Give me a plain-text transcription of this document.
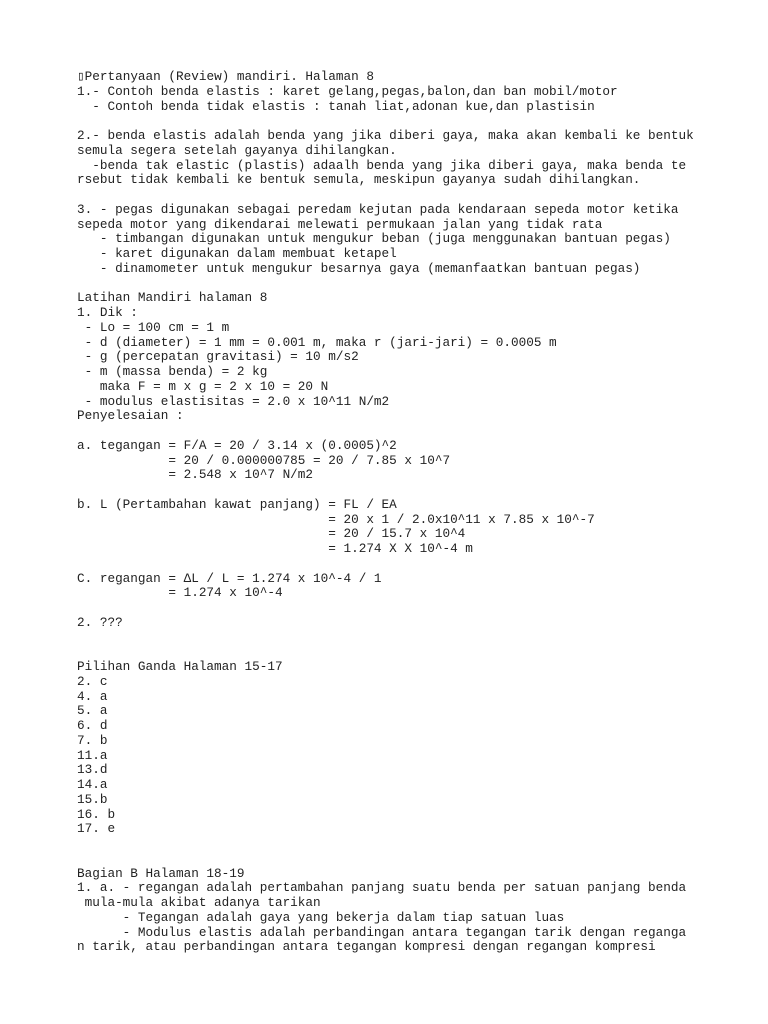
▯Pertanyaan (Review) mandiri. Halaman 8
1.- Contoh benda elastis : karet gelang,pegas,balon,dan ban mobil/motor
- Contoh benda tidak elastis : tanah liat,adonan kue,dan plastisin
2.- benda elastis adalah benda yang jika diberi gaya, maka akan kembali ke bentuk
semula segera setelah gayanya dihilangkan.
-benda tak elastic (plastis) adaalh benda yang jika diberi gaya, maka benda te
rsebut tidak kembali ke bentuk semula, meskipun gayanya sudah dihilangkan.
3. - pegas digunakan sebagai peredam kejutan pada kendaraan sepeda motor ketika
sepeda motor yang dikendarai melewati permukaan jalan yang tidak rata
- timbangan digunakan untuk mengukur beban (juga menggunakan bantuan pegas)
- karet digunakan dalam membuat ketapel
- dinamometer untuk mengukur besarnya gaya (memanfaatkan bantuan pegas)
Latihan Mandiri halaman 8
1. Dik :
- Lo = 100 cm = 1 m
- d (diameter) = 1 mm = 0.001 m, maka r (jari-jari) = 0.0005 m
- g (percepatan gravitasi) = 10 m/s2
- m (massa benda) = 2 kg
maka F = m x g = 2 x 10 = 20 N
- modulus elastisitas = 2.0 x 10^11 N/m2
Penyelesaian :
a. tegangan = F/A = 20 / 3.14 x (0.0005)^2
= 20 / 0.000000785 = 20 / 7.85 x 10^7
= 2.548 x 10^7 N/m2
b. L (Pertambahan kawat panjang) = FL / EA
= 20 x 1 / 2.0x10^11 x 7.85 x 10^-7
= 20 / 15.7 x 10^4
= 1.274 X X 10^-4 m
C. regangan = ΔL / L = 1.274 x 10^-4 / 1
= 1.274 x 10^-4
2. ???
Pilihan Ganda Halaman 15-17
2. c
4. a
5. a
6. d
7. b
11.a
13.d
14.a
15.b
16. b
17. e
Bagian B Halaman 18-19
1. a. - regangan adalah pertambahan panjang suatu benda per satuan panjang benda
mula-mula akibat adanya tarikan
- Tegangan adalah gaya yang bekerja dalam tiap satuan luas
- Modulus elastis adalah perbandingan antara tegangan tarik dengan reganga
n tarik, atau perbandingan antara tegangan kompresi dengan regangan kompresi
